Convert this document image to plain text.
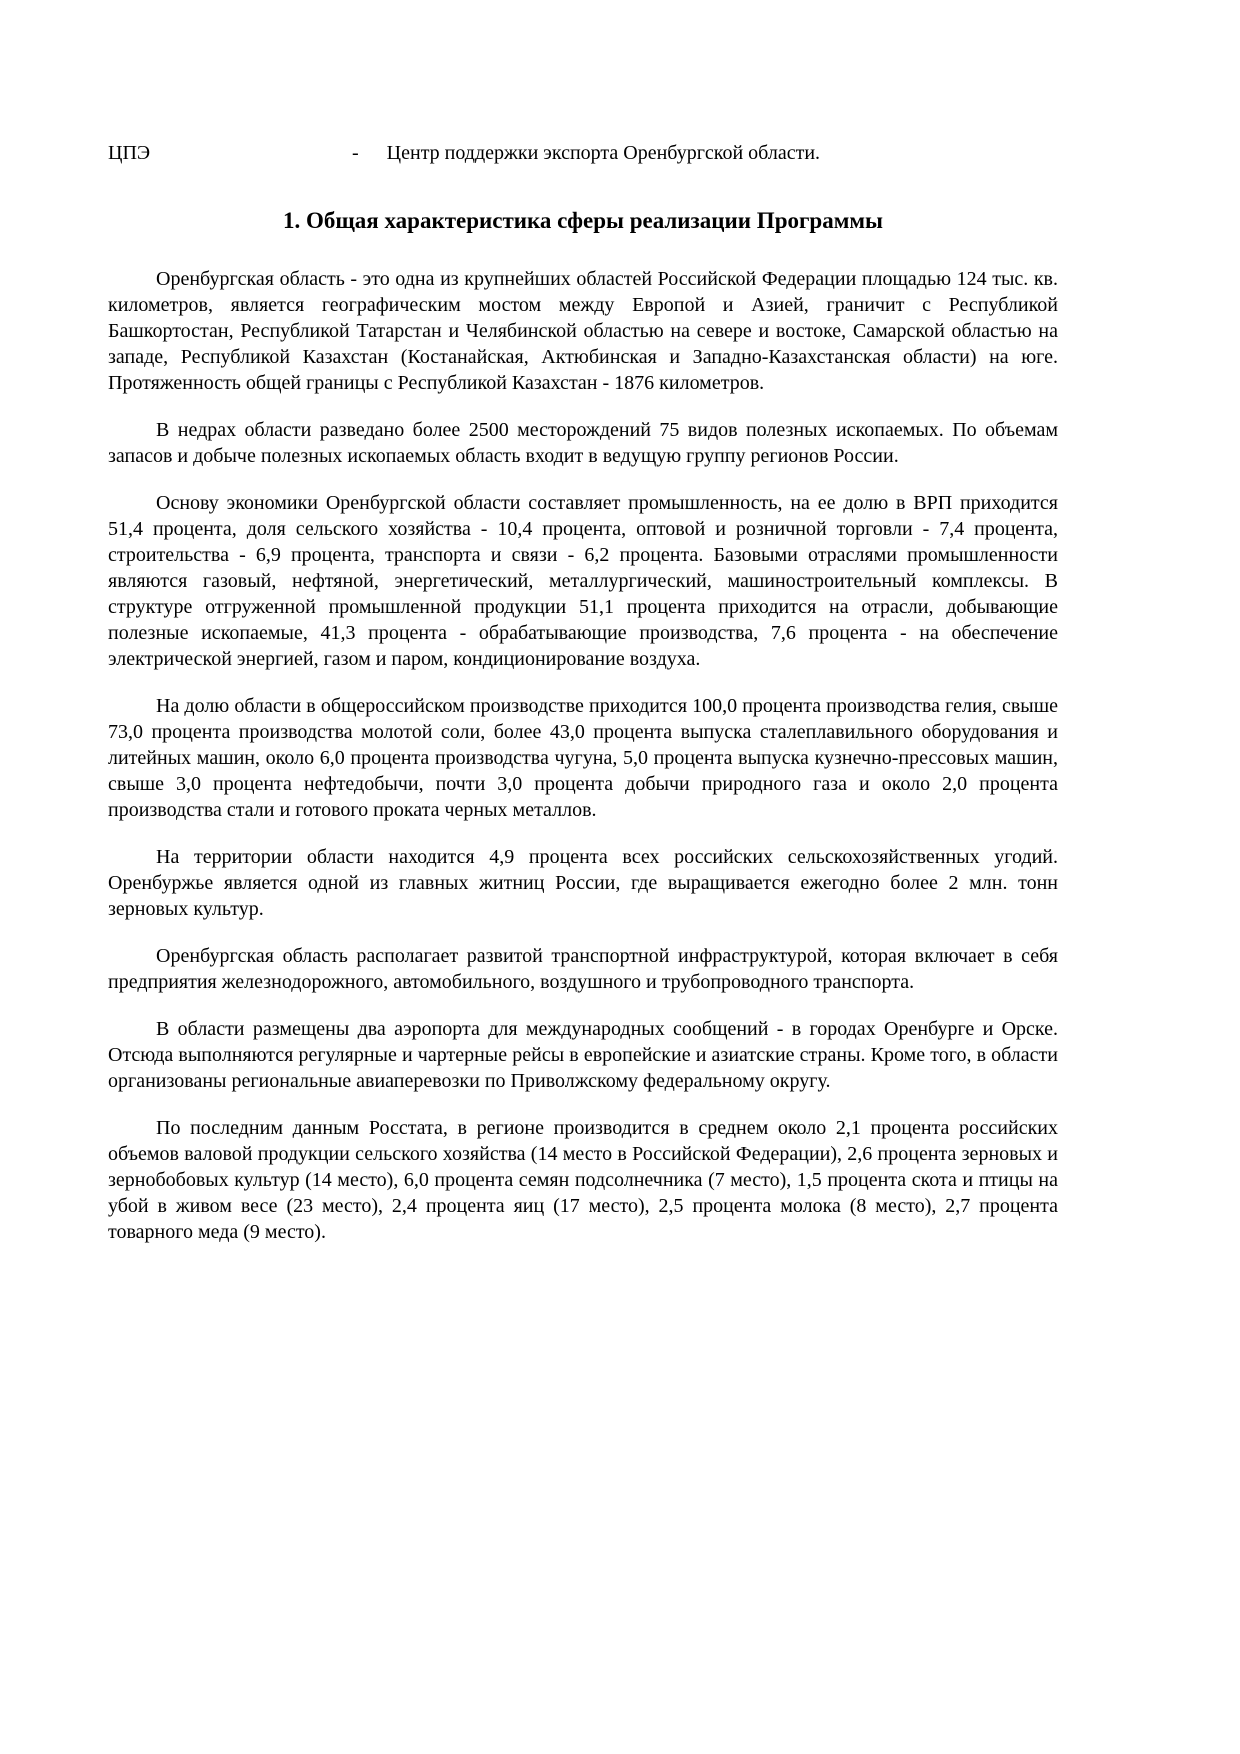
ЦПЭ	- Центр поддержки экспорта Оренбургской области.
1. Общая характеристика сферы реализации Программы

Оренбургская область - это одна из крупнейших областей Российской Федерации площадью 124 тыс. кв. километров, является географическим мостом между Европой и Азией, граничит с Республикой Башкортостан, Республикой Татарстан и Челябинской областью на севере и востоке, Самарской областью на западе, Республикой Казахстан (Костанайская, Актюбинская и Западно-Казахстанская области) на юге. Протяженность общей границы с Республикой Казахстан - 1876 километров.

В недрах области разведано более 2500 месторождений 75 видов полезных ископаемых. По объемам запасов и добыче полезных ископаемых область входит в ведущую группу регионов России.

Основу экономики Оренбургской области составляет промышленность, на ее долю в ВРП приходится 51,4 процента, доля сельского хозяйства - 10,4 процента, оптовой и розничной торговли - 7,4 процента, строительства - 6,9 процента, транспорта и связи - 6,2 процента. Базовыми отраслями промышленности являются газовый, нефтяной, энергетический, металлургический, машиностроительный комплексы. В структуре отгруженной промышленной продукции 51,1 процента приходится на отрасли, добывающие полезные ископаемые, 41,3 процента - обрабатывающие производства, 7,6 процента - на обеспечение электрической энергией, газом и паром, кондиционирование воздуха.

На долю области в общероссийском производстве приходится 100,0 процента производства гелия, свыше 73,0 процента производства молотой соли, более 43,0 процента выпуска сталеплавильного оборудования и литейных машин, около 6,0 процента производства чугуна, 5,0 процента выпуска кузнечно-прессовых машин, свыше 3,0 процента нефтедобычи, почти 3,0 процента добычи природного газа и около 2,0 процента производства стали и готового проката черных металлов.

На территории области находится 4,9 процента всех российских сельскохозяйственных угодий. Оренбуржье является одной из главных житниц России, где выращивается ежегодно более 2 млн. тонн зерновых культур.

Оренбургская область располагает развитой транспортной инфраструктурой, которая включает в себя предприятия железнодорожного, автомобильного, воздушного и трубопроводного транспорта.

В области размещены два аэропорта для международных сообщений - в городах Оренбурге и Орске. Отсюда выполняются регулярные и чартерные рейсы в европейские и азиатские страны. Кроме того, в области организованы региональные авиаперевозки по Приволжскому федеральному округу.

По последним данным Росстата, в регионе производится в среднем около 2,1 процента российских объемов валовой продукции сельского хозяйства (14 место в Российской Федерации), 2,6 процента зерновых и зернобобовых культур (14 место), 6,0 процента семян подсолнечника (7 место), 1,5 процента скота и птицы на убой в живом весе (23 место), 2,4 процента яиц (17 место), 2,5 процента молока (8 место), 2,7 процента товарного меда (9 место).
